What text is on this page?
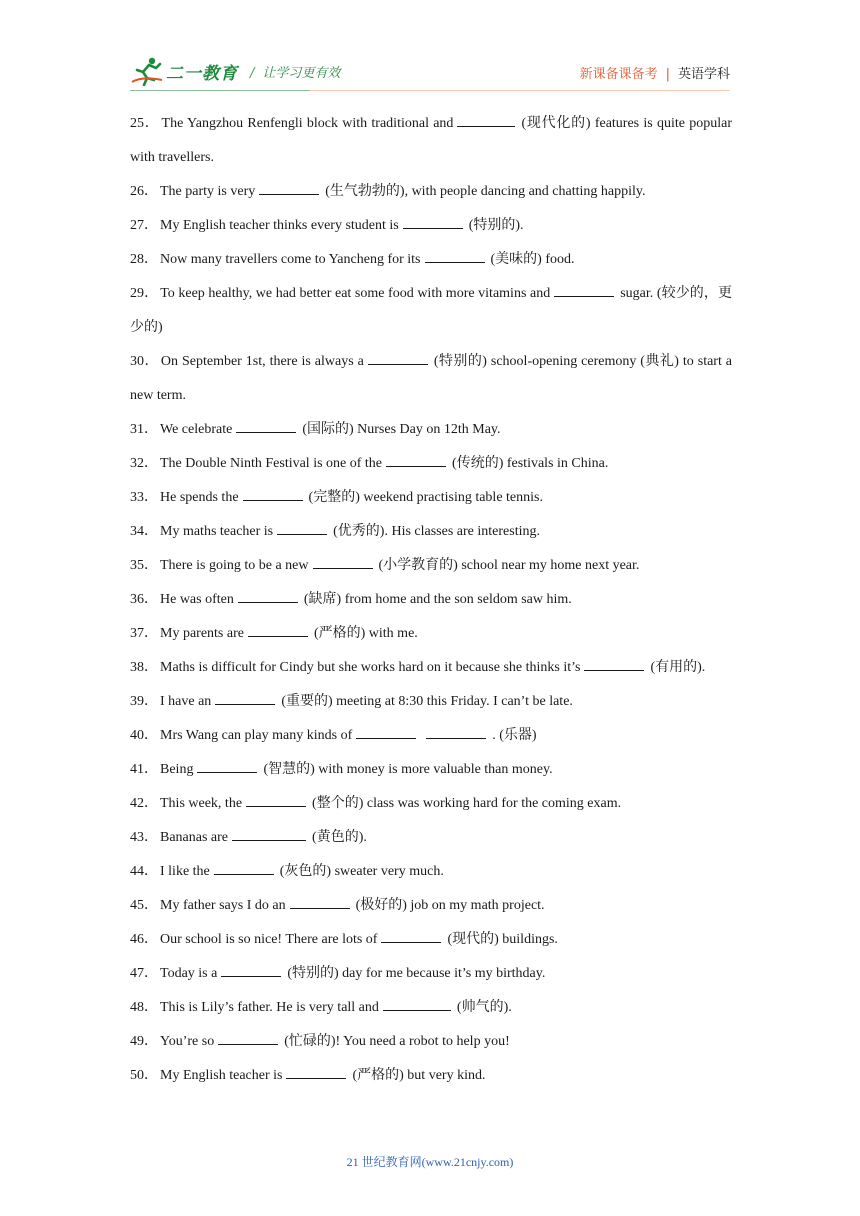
二一教育 / 让学习更有效	新课备课备考 | 英语学科

25． The Yangzhou Renfengli block with traditional and	(现代化的) features is quite popular with travellers.

26． The party is very	(生气勃勃的), with people dancing and chatting happily.

27． My English teacher thinks every student is	(特别的).

28． Now many travellers come to Yancheng for its	(美味的) food.

29． To keep healthy, we had better eat some food with more vitamins and	sugar. (较少的，更少的)

30． On September 1st, there is always a	(特别的) school-opening ceremony (典礼) to start a new term.

31． We celebrate	(国际的) Nurses Day on 12th May.

32． The Double Ninth Festival is one of the	(传统的) festivals in China.

33． He spends the	(完整的) weekend practising table tennis.

34． My maths teacher is	(优秀的). His classes are interesting.

35． There is going to be a new	(小学教育的) school near my home next year.

36． He was often	(缺席) from home and the son seldom saw him.

37． My parents are	(严格的) with me.

38． Maths is difficult for Cindy but she works hard on it because she thinks it’s	(有用的).

39． I have an	(重要的) meeting at 8:30 this Friday. I can’t be late.

40． Mrs Wang can play many kinds of	. (乐器)

41． Being	(智慧的) with money is more valuable than money.

42． This week, the	(整个的) class was working hard for the coming exam.

43． Bananas are	(黄色的).

44． I like the	(灰色的) sweater very much.

45． My father says I do an	(极好的) job on my math project.

46． Our school is so nice! There are lots of	(现代的) buildings.

47． Today is a	(特别的) day for me because it’s my birthday.

48． This is Lily’s father. He is very tall and	(帅气的).

49． You’re so	(忙碌的)! You need a robot to help you!

50． My English teacher is	(严格的) but very kind.

21 世纪教育网(www.21cnjy.com)
